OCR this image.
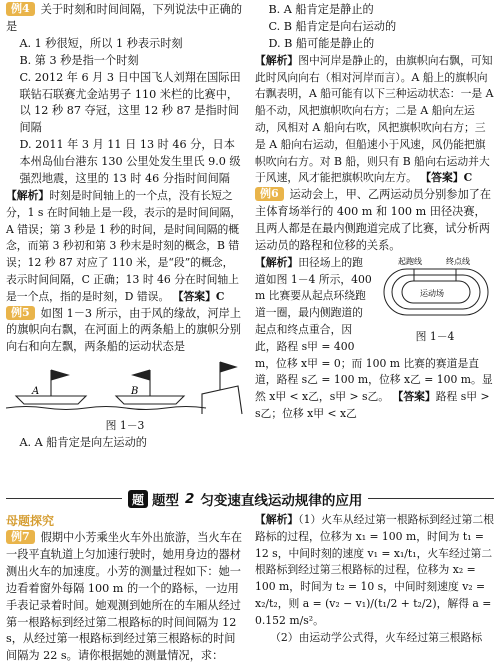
例4 关于时刻和时间间隔，下列说法中正确的是
A. 1 秒很短，所以 1 秒表示时刻
B. 第 3 秒是指一个时刻
C. 2012 年 6 月 3 日中国飞人刘翔在国际田联钻石联赛尤金站男子 110 米栏的比赛中，以 12 秒 87 夺冠，这里 12 秒 87 是指时间间隔
D. 2011 年 3 月 11 日 13 时 46 分，日本本州岛仙台港东 130 公里处发生里氏 9.0 级强烈地震，这里的 13 时 46 分指时间间隔
【解析】时刻是时间轴上的一个点，没有长短之分，1 s 在时间轴上是一段，表示的是时间间隔，A 错误；第 3 秒是 1 秒的时间，是时间间隔的概念，而第 3 秒初和第 3 秒末是时刻的概念，B 错误；12 秒 87 对应了 110 米，是“段”的概念，表示时间间隔，C 正确；13 时 46 分在时间轴上是一个点，指的是时刻，D 错误。 【答案】C
例5 如图 1－3 所示，由于风的缘故，河岸上的旗帜向右飘，在河面上的两条船上的旗帜分别向右和向左飘，两条船的运动状态是
A	B
图 1－3
A. A 船肯定是向左运动的
B. A 船肯定是静止的
C. B 船肯定是向右运动的
D. B 船可能是静止的
【解析】图中河岸是静止的，由旗帜向右飘，可知此时风向向右（相对河岸而言）。A 船上的旗帜向右飘表明，A 船可能有以下三种运动状态：一是 A 船不动，风把旗帜吹向右方；二是 A 船向左运动，风相对 A 船向右吹，风把旗帜吹向右方；三是 A 船向右运动，但船速小于风速，风仍能把旗帜吹向右方。对 B 船，则只有 B 船向右运动并大于风速，风才能把旗帜吹向左方。 【答案】C
例6 运动会上，甲、乙两运动员分别参加了在主体育场举行的 400 m 和 100 m 田径决赛，且两人都是在最内侧跑道完成了比赛，试分析两运动员的路程和位移的关系。
起跑线	终点线
运动场
图 1－4
【解析】田径场上的跑道如图 1－4 所示，400 m 比赛要从起点环绕跑道一圈，最内侧跑道的起点和终点重合，因此，路程 s甲 = 400 m，位移 x甲 = 0；而 100 m 比赛的赛道是直道，路程 s乙 = 100 m，位移 x乙 = 100 m。显然 x甲 < x乙，s甲 > s乙。 【答案】路程 s甲 > s乙；位移 x甲 < x乙
题 题型 2 匀变速直线运动规律的应用
母题探究
例7 假期中小芳乘坐火车外出旅游，当火车在一段平直轨道上匀加速行驶时，她用身边的器材测出火车的加速度。小芳的测量过程如下：她一边看着窗外每隔 100 m 的一个的路标，一边用手表记录着时间。她观测到她所在的车厢从经过第一根路标到经过第二根路标的时间间隔为 12 s，从经过第一根路标到经过第三根路标的时间间隔为 22 s。请你根据她的测量情况，求：
【解析】（1）火车从经过第一根路标到经过第二根路标的过程，位移为 x₁ = 100 m，时间为 t₁ = 12 s，中间时刻的速度 v₁ = x₁/t₁，火车经过第二根路标到经过第三根路标的过程，位移为 x₂ = 100 m，时间为 t₂ = 10 s，中间时刻速度 v₂ = x₂/t₂，则 a = (v₂ − v₁)/(t₁/2 + t₂/2)，解得 a = 0.152 m/s²。
（2）由运动学公式得，火车经过第三根路标
